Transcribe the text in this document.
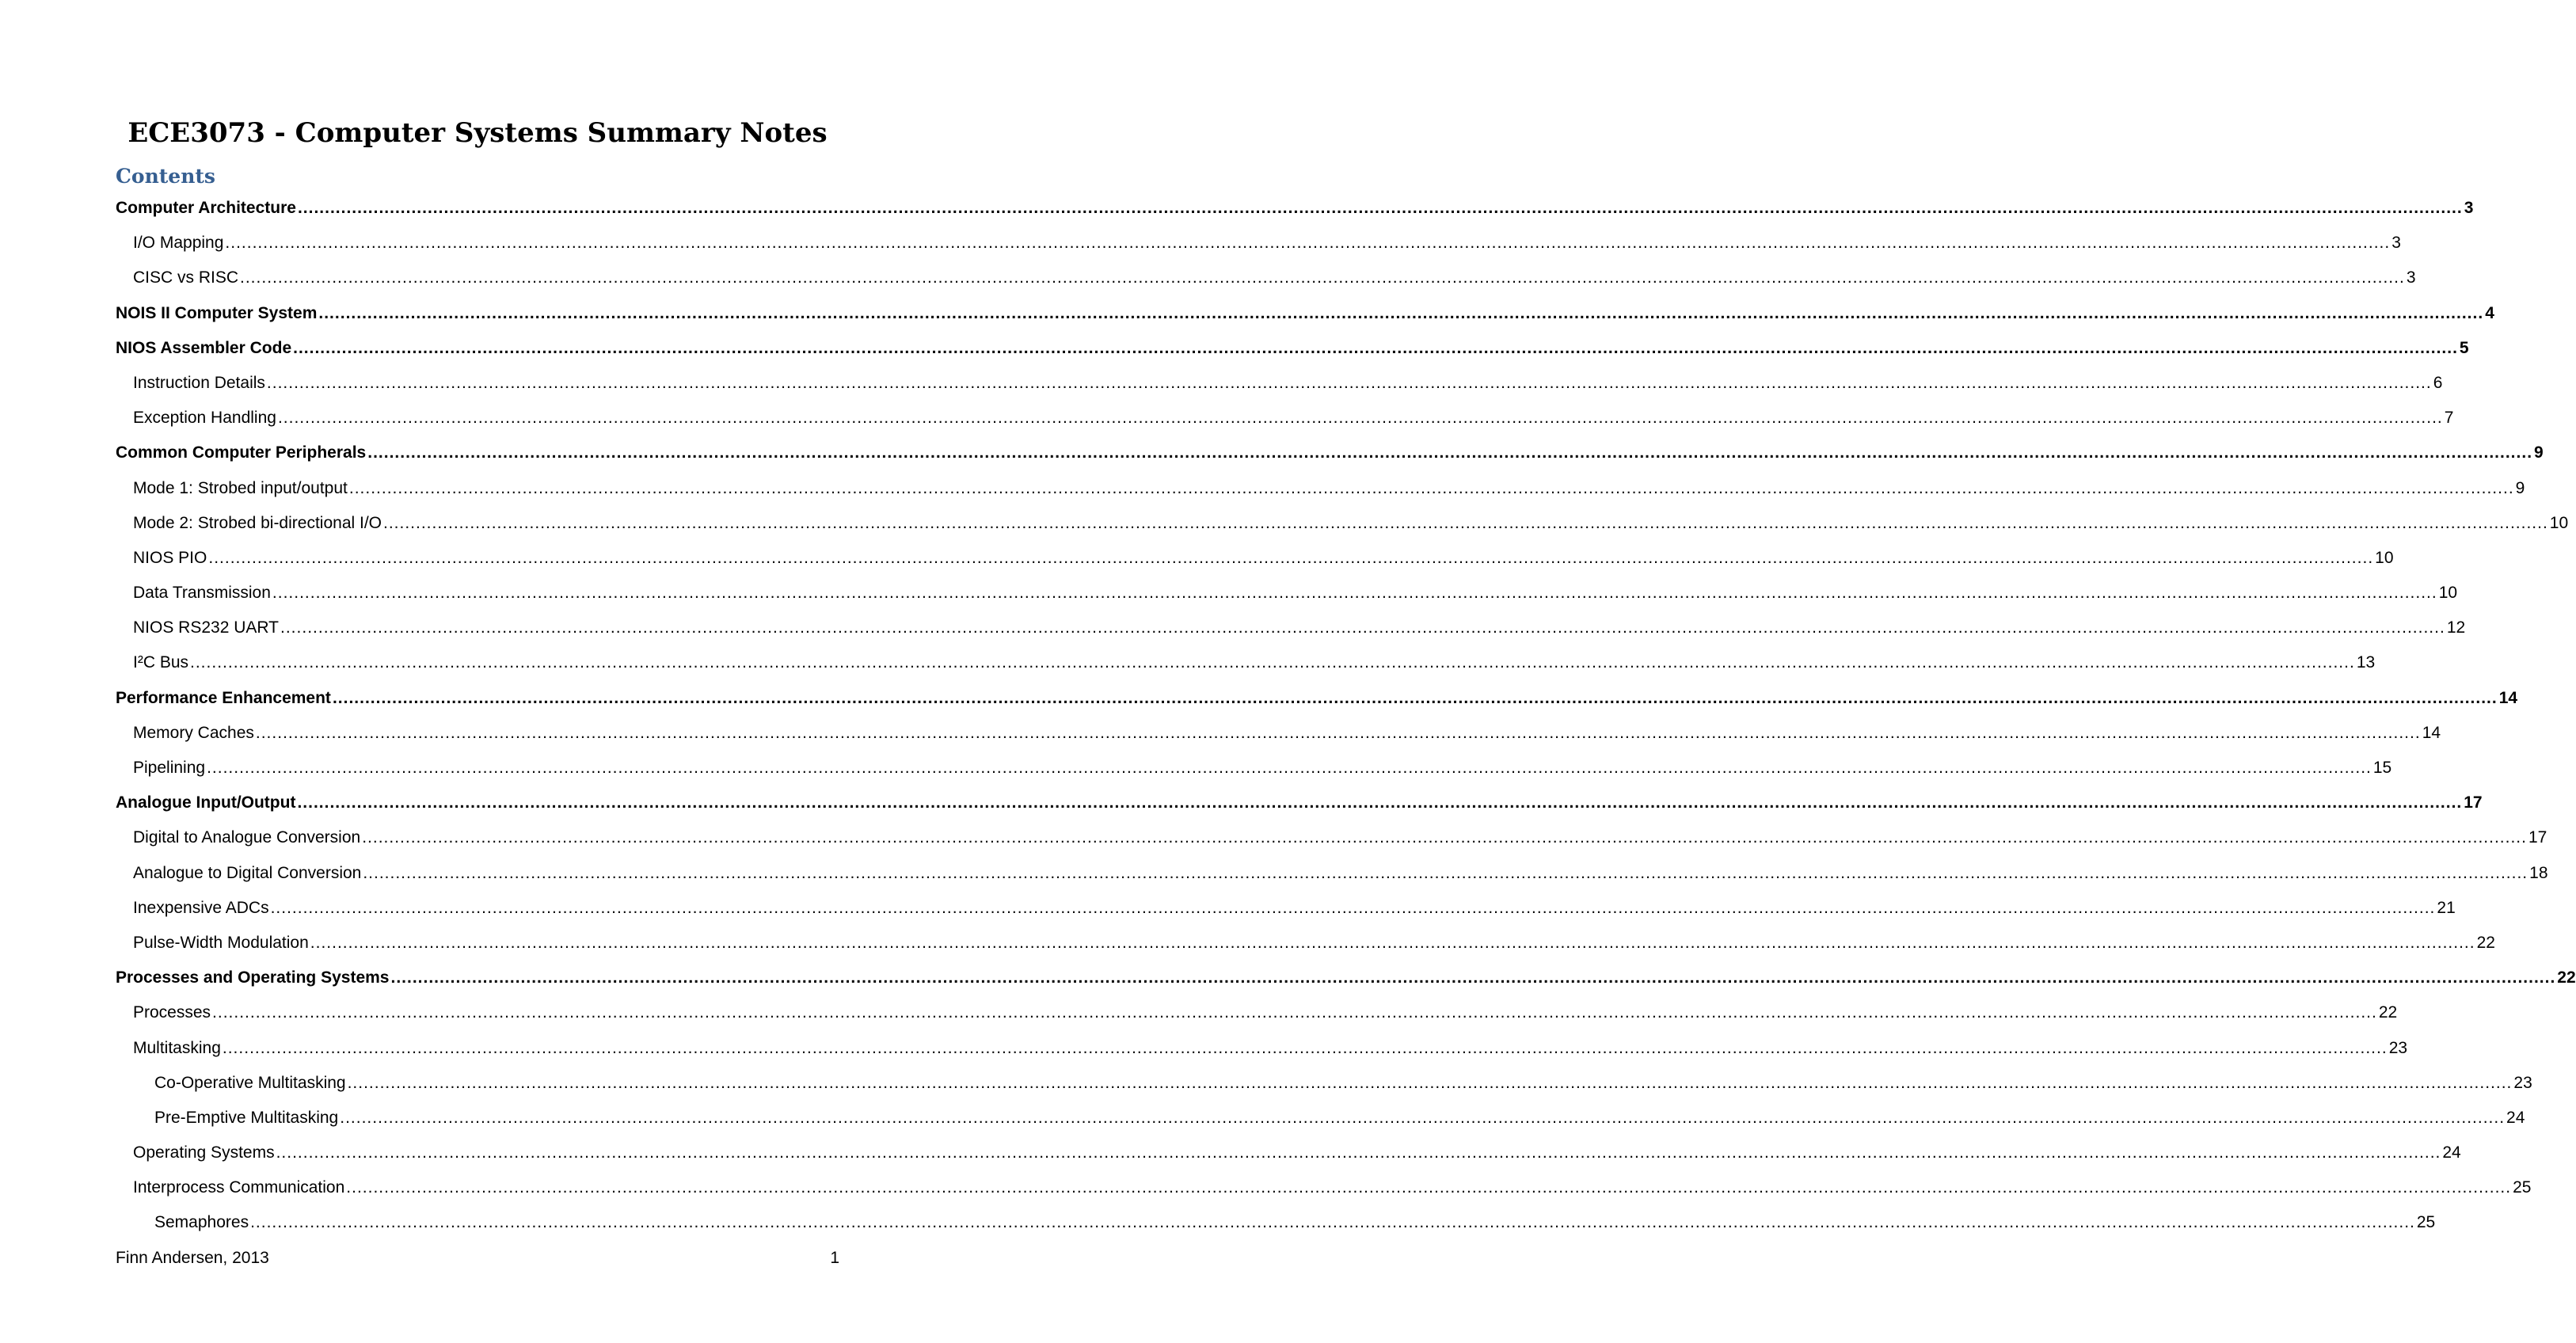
ECE3073 - Computer Systems Summary Notes
Contents
Computer Architecture ................................................................................................................................................................................................................................................................................................................................................................................................................ 3
I/O Mapping ................................................................................................................................................................................................................................................................................................................................................................................................................ 3
CISC vs RISC ................................................................................................................................................................................................................................................................................................................................................................................................................ 3
NOIS II Computer System ................................................................................................................................................................................................................................................................................................................................................................................................................ 4
NIOS Assembler Code ................................................................................................................................................................................................................................................................................................................................................................................................................ 5
Instruction Details ................................................................................................................................................................................................................................................................................................................................................................................................................ 6
Exception Handling ................................................................................................................................................................................................................................................................................................................................................................................................................ 7
Common Computer Peripherals ................................................................................................................................................................................................................................................................................................................................................................................................................ 9
Mode 1: Strobed input/output ................................................................................................................................................................................................................................................................................................................................................................................................................ 9
Mode 2: Strobed bi-directional I/O ................................................................................................................................................................................................................................................................................................................................................................................................................ 10
NIOS PIO ................................................................................................................................................................................................................................................................................................................................................................................................................ 10
Data Transmission ................................................................................................................................................................................................................................................................................................................................................................................................................ 10
NIOS RS232 UART ................................................................................................................................................................................................................................................................................................................................................................................................................ 12
I²C Bus ................................................................................................................................................................................................................................................................................................................................................................................................................ 13
Performance Enhancement ................................................................................................................................................................................................................................................................................................................................................................................................................ 14
Memory Caches ................................................................................................................................................................................................................................................................................................................................................................................................................ 14
Pipelining ................................................................................................................................................................................................................................................................................................................................................................................................................ 15
Analogue Input/Output ................................................................................................................................................................................................................................................................................................................................................................................................................ 17
Digital to Analogue Conversion ................................................................................................................................................................................................................................................................................................................................................................................................................ 17
Analogue to Digital Conversion ................................................................................................................................................................................................................................................................................................................................................................................................................ 18
Inexpensive ADCs ................................................................................................................................................................................................................................................................................................................................................................................................................ 21
Pulse-Width Modulation ................................................................................................................................................................................................................................................................................................................................................................................................................ 22
Processes and Operating Systems ................................................................................................................................................................................................................................................................................................................................................................................................................ 22
Processes ................................................................................................................................................................................................................................................................................................................................................................................................................ 22
Multitasking ................................................................................................................................................................................................................................................................................................................................................................................................................ 23
Co-Operative Multitasking ................................................................................................................................................................................................................................................................................................................................................................................................................ 23
Pre-Emptive Multitasking ................................................................................................................................................................................................................................................................................................................................................................................................................ 24
Operating Systems ................................................................................................................................................................................................................................................................................................................................................................................................................ 24
Interprocess Communication ................................................................................................................................................................................................................................................................................................................................................................................................................ 25
Semaphores ................................................................................................................................................................................................................................................................................................................................................................................................................ 25
Finn Andersen, 2013	1
